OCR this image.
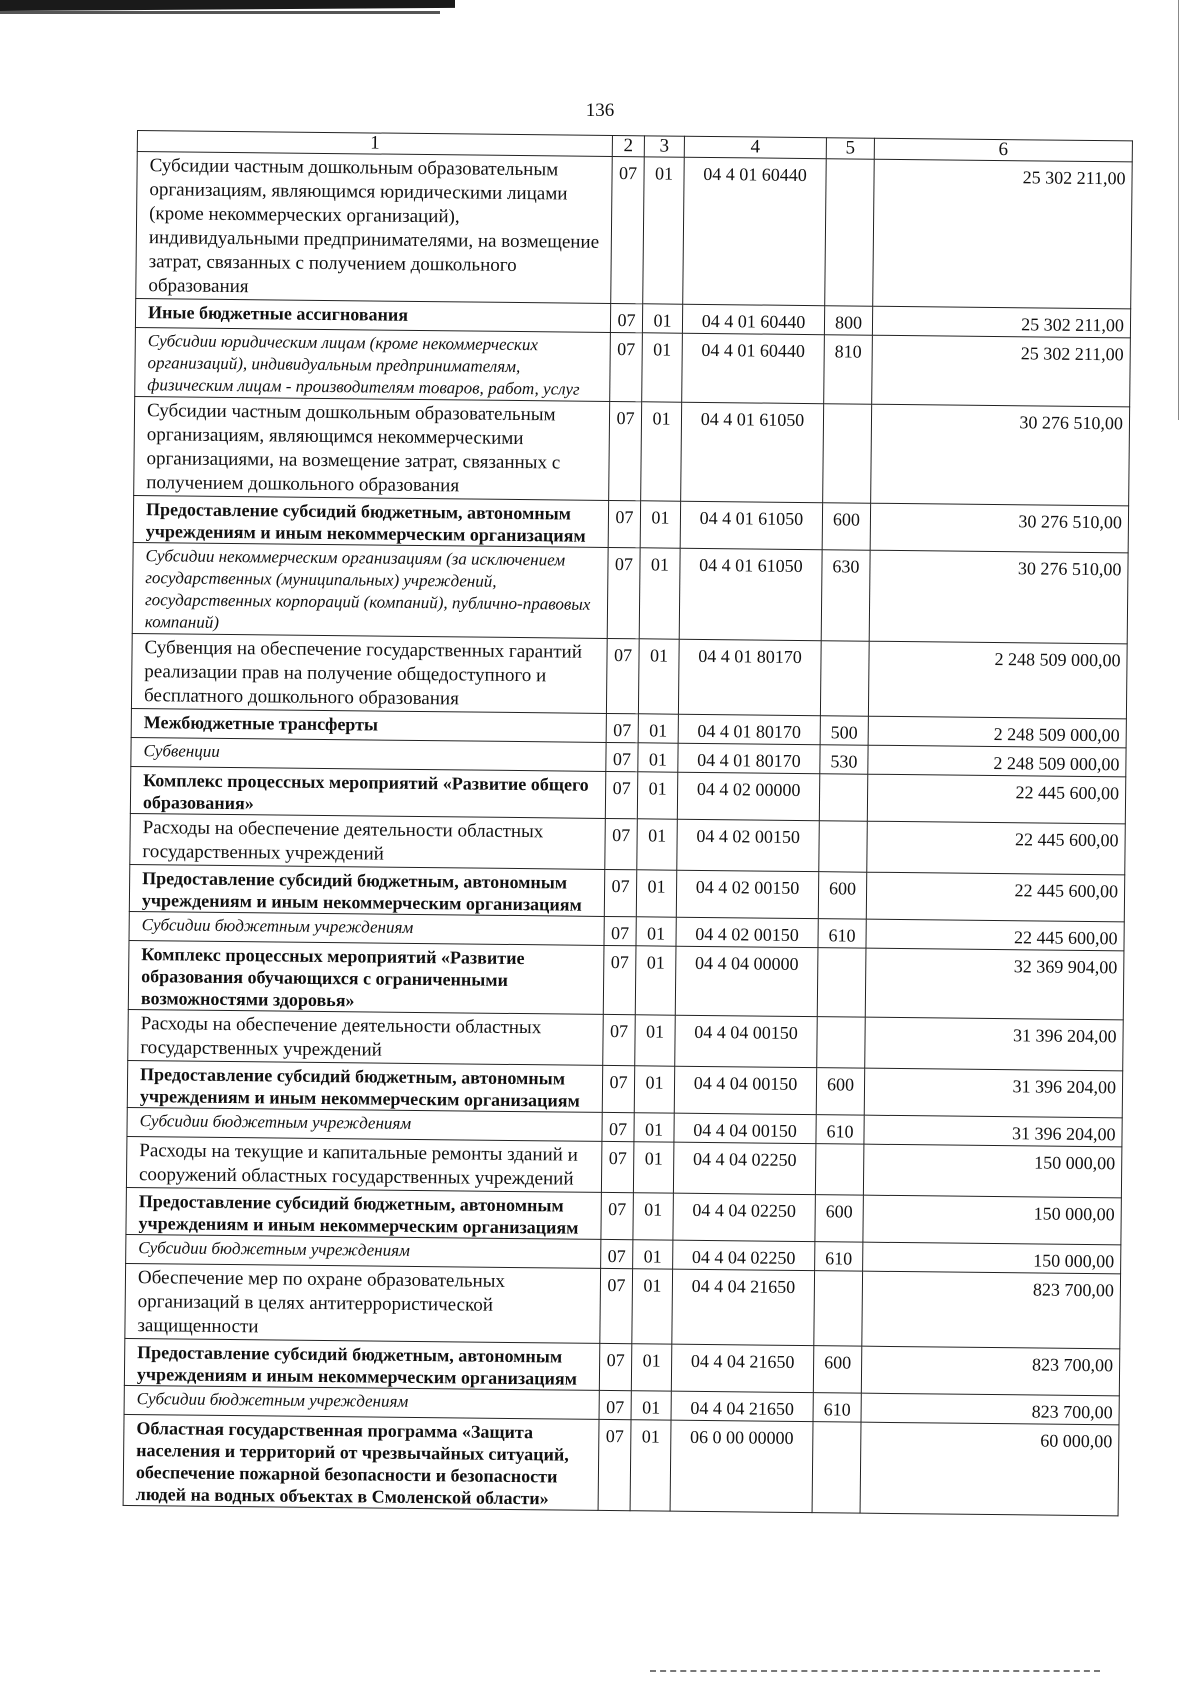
136
1	2	3	4	5	6
Субсидии частным дошкольным образовательным организациям, являющимся юридическими лицами (кроме некоммерческих организаций), индивидуальными предпринимателями, на возмещение затрат, связанных с получением дошкольного образования	07	01	04 4 01 60440		25 302 211,00
Иные бюджетные ассигнования	07	01	04 4 01 60440	800	25 302 211,00
Субсидии юридическим лицам (кроме некоммерческих организаций), индивидуальным предпринимателям, физическим лицам - производителям товаров, работ, услуг	07	01	04 4 01 60440	810	25 302 211,00
Субсидии частным дошкольным образовательным организациям, являющимся некоммерческими организациями, на возмещение затрат, связанных с получением дошкольного образования	07	01	04 4 01 61050		30 276 510,00
Предоставление субсидий бюджетным, автономным учреждениям и иным некоммерческим организациям	07	01	04 4 01 61050	600	30 276 510,00
Субсидии некоммерческим организациям (за исключением государственных (муниципальных) учреждений, государственных корпораций (компаний), публично-правовых компаний)	07	01	04 4 01 61050	630	30 276 510,00
Субвенция на обеспечение государственных гарантий реализации прав на получение общедоступного и бесплатного дошкольного образования	07	01	04 4 01 80170		2 248 509 000,00
Межбюджетные трансферты	07	01	04 4 01 80170	500	2 248 509 000,00
Субвенции	07	01	04 4 01 80170	530	2 248 509 000,00
Комплекс процессных мероприятий «Развитие общего образования»	07	01	04 4 02 00000		22 445 600,00
Расходы на обеспечение деятельности областных государственных учреждений	07	01	04 4 02 00150		22 445 600,00
Предоставление субсидий бюджетным, автономным учреждениям и иным некоммерческим организациям	07	01	04 4 02 00150	600	22 445 600,00
Субсидии бюджетным учреждениям	07	01	04 4 02 00150	610	22 445 600,00
Комплекс процессных мероприятий «Развитие образования обучающихся с ограниченными возможностями здоровья»	07	01	04 4 04 00000		32 369 904,00
Расходы на обеспечение деятельности областных государственных учреждений	07	01	04 4 04 00150		31 396 204,00
Предоставление субсидий бюджетным, автономным учреждениям и иным некоммерческим организациям	07	01	04 4 04 00150	600	31 396 204,00
Субсидии бюджетным учреждениям	07	01	04 4 04 00150	610	31 396 204,00
Расходы на текущие и капитальные ремонты зданий и сооружений областных государственных учреждений	07	01	04 4 04 02250		150 000,00
Предоставление субсидий бюджетным, автономным учреждениям и иным некоммерческим организациям	07	01	04 4 04 02250	600	150 000,00
Субсидии бюджетным учреждениям	07	01	04 4 04 02250	610	150 000,00
Обеспечение мер по охране образовательных организаций в целях антитеррористической защищенности	07	01	04 4 04 21650		823 700,00
Предоставление субсидий бюджетным, автономным учреждениям и иным некоммерческим организациям	07	01	04 4 04 21650	600	823 700,00
Субсидии бюджетным учреждениям	07	01	04 4 04 21650	610	823 700,00
Областная государственная программа «Защита населения и территорий от чрезвычайных ситуаций, обеспечение пожарной безопасности и безопасности людей на водных объектах в Смоленской области»	07	01	06 0 00 00000		60 000,00
